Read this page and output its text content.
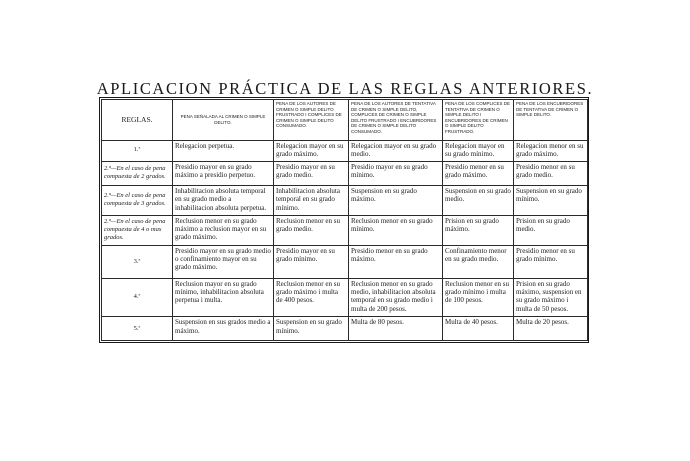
APLICACION PRÁCTICA DE LAS REGLAS ANTERIORES.
REGLAS.	PENA SEÑALADA AL CRIMEN O SIMPLE DELITO.	PENA DE LOS AUTORES DE CRIMEN O SIMPLE DELITO FRUSTRADO I COMPLICES DE CRIMEN O SIMPLE DELITO CONSUMADO.	PENA DE LOS AUTORES DE TENTATIVA DE CRIMEN O SIMPLE DELITO, COMPLICES DE CRIMEN O SIMPLE DELITO FRUSTRADO I ENCUBRIDORES DE CRIMEN O SIMPLE DELITO CONSUMADO.	PENA DE LOS COMPLICES DE TENTATIVA DE CRIMEN O SIMPLE DELITO I ENCUBRIDORES DE CRIMEN O SIMPLE DELITO FRUSTRADO.	PENA DE LOS ENCUBRIDORES DE TENTATIVA DE CRIMEN O SIMPLE DELITO.
1.ª	Relegacion perpetua.	Relegacion mayor en su grado máximo.	Relegacion mayor en su grado medio.	Relegacion mayor en su grado mínimo.	Relegacion menor en su grado máximo.

2.ª—En el caso de pena compuesta de 2 grados.	Presidio mayor en su grado máximo a presidio perpetuo.	Presidio mayor en su grado medio.	Presidio mayor en su grado mínimo.	Presidio menor en su grado máximo.	Presidio menor en su grado medio.

2.ª—En el caso de pena compuesta de 3 grados.	Inhabilitacion absoluta temporal en su grado medio a inhabilitacion absoluta perpetua.	Inhabilitacion absoluta temporal en su grado mínimo.	Suspension en su grado máximo.	Suspension en su grado medio.	Suspension en su grado mínimo.

2.ª—En el caso de pena compuesta de 4 o mas grados.	Reclusion menor en su grado máximo a reclusion mayor en su grado máximo.	Reclusion menor en su grado medio.	Reclusion menor en su grado mínimo.	Prision en su grado máximo.	Prision en su grado medio.
3.ª	Presidio mayor en su grado medio o confinamiento mayor en su grado máximo.	Presidio mayor en su grado mínimo.	Presidio menor en su grado máximo.	Confinamiento menor en su grado medio.	Presidio menor en su grado mínimo.
4.ª	Reclusion mayor en su grado mínimo, inhabilitacion absoluta perpetua i multa.	Reclusion menor en su grado máximo i multa de 400 pesos.	Reclusion menor en su grado medio, inhabilitacion absoluta temporal en su grado medio i multa de 200 pesos.	Reclusion menor en su grado mínimo i multa de 100 pesos.	Prision en su grado máximo, suspension en su grado máximo i multa de 50 pesos.
5.ª	Suspension en sus grados medio a máximo.	Suspension en su grado mínimo.	Multa de 80 pesos.	Multa de 40 pesos.	Multa de 20 pesos.
